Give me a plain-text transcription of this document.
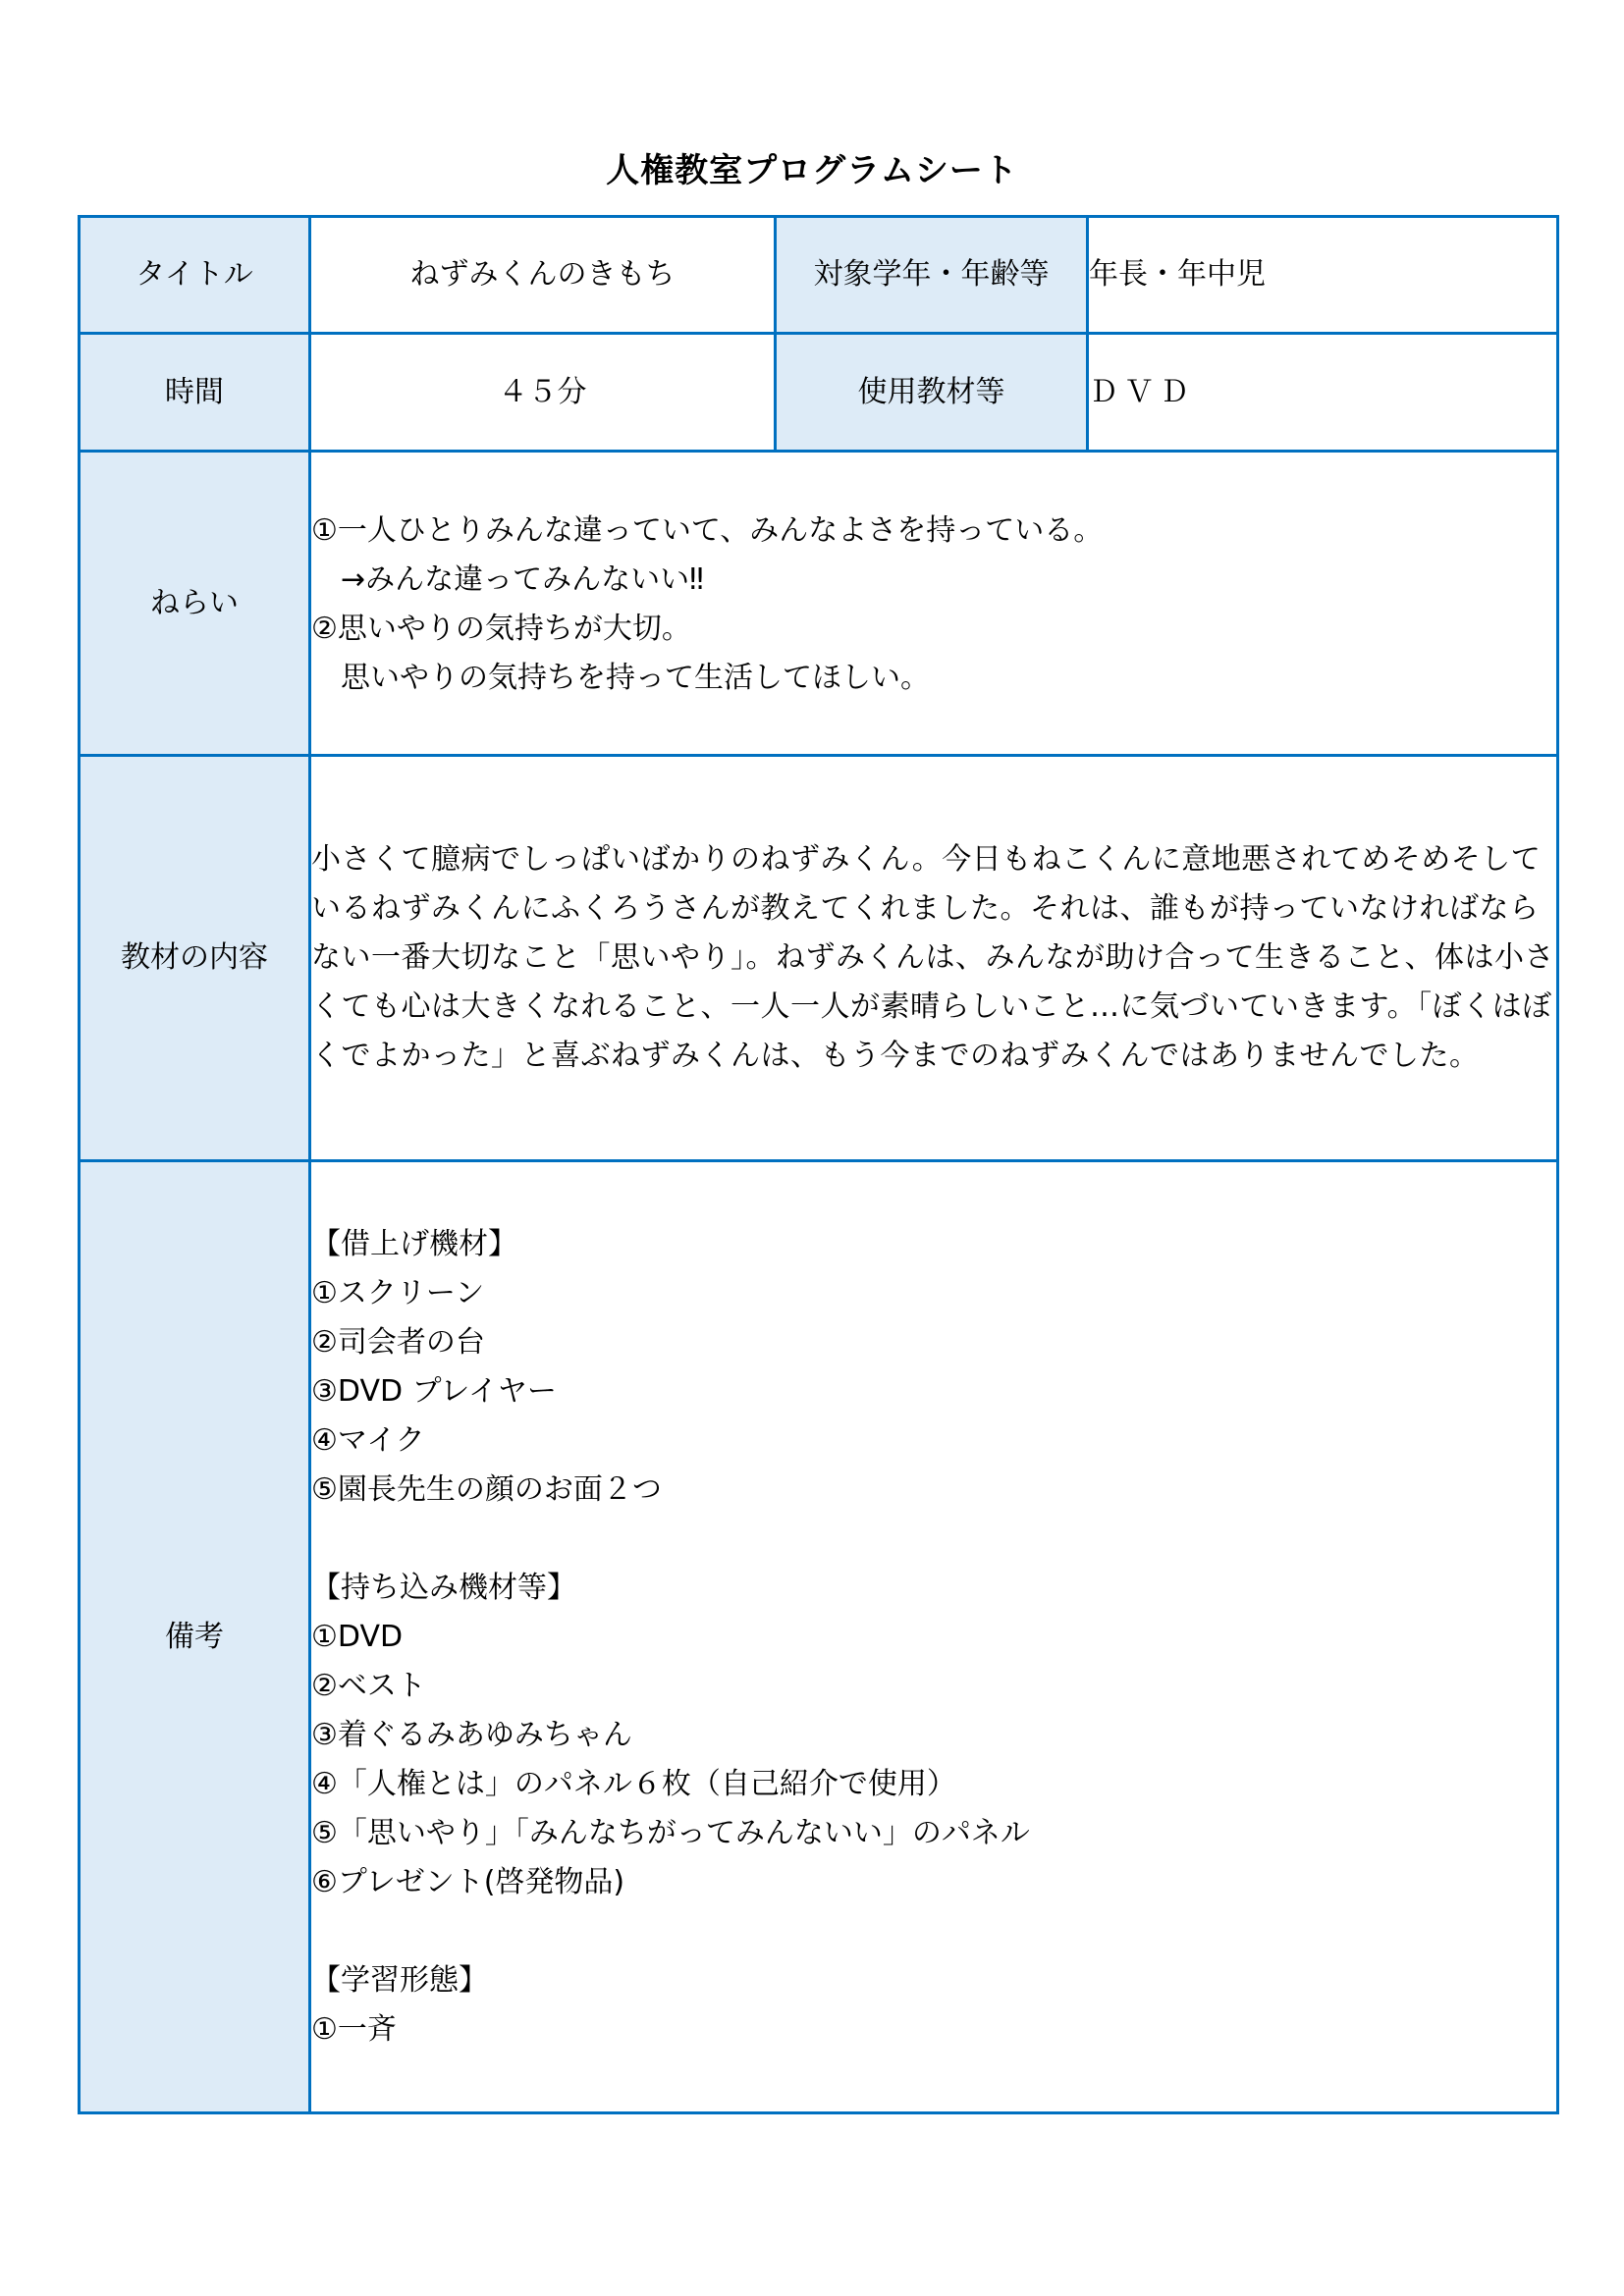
人権教室プログラムシート
タイトル	ねずみくんのきもち	対象学年・年齢等	年長・年中児
時間	４５分	使用教材等	ＤＶＤ
ねらい	①一人ひとりみんな違っていて、みんなよさを持っている。
　→みんな違ってみんないい‼
②思いやりの気持ちが大切。
　思いやりの気持ちを持って生活してほしい。		

教材の内容	小さくて臆病でしっぱいばかりのねずみくん。今日もねこくんに意地悪されてめそめそしているねずみくんにふくろうさんが教えてくれました。それは、誰もが持っていなければならない一番大切なこと「思いやり」。ねずみくんは、みんなが助け合って生きること、体は小さくても心は大きくなれること、一人一人が素晴らしいこと…に気づいていきます。「ぼくはぼくでよかった」と喜ぶねずみくんは、もう今までのねずみくんではありませんでした。		

備考	
【借上げ機材】
①スクリーン
②司会者の台
③DVD プレイヤー
④マイク
⑤園長先生の顔のお面２つ
【持ち込み機材等】
①DVD
②ベスト
③着ぐるみあゆみちゃん
④「人権とは」のパネル６枚（自己紹介で使用）
⑤「思いやり」「みんなちがってみんないい」のパネル
⑥プレゼント(啓発物品)
【学習形態】
①一斉
